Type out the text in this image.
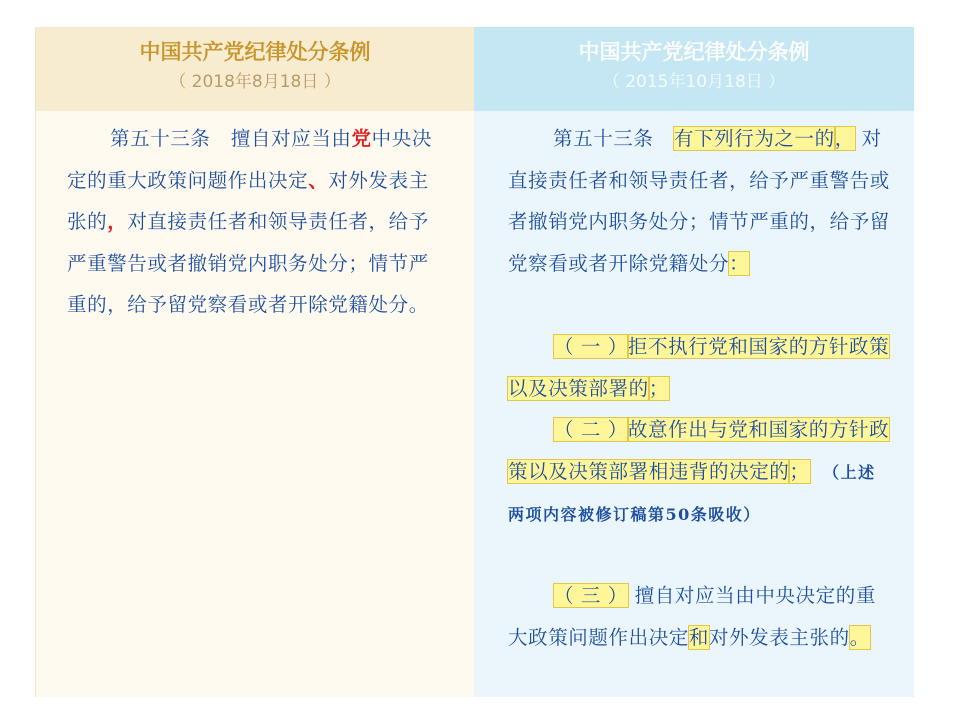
中国共产党纪律处分条例
（ 2018年8月18日 ）

第五十三条 擅自对应当由党中央决定的重大政策问题作出决定、对外发表主张的，对直接责任者和领导责任者，给予严重警告或者撤销党内职务处分；情节严重的，给予留党察看或者开除党籍处分。

中国共产党纪律处分条例
（ 2015年10月18日 ）

第五十三条 有下列行为之一的， 对直接责任者和领导责任者，给予严重警告或者撤销党内职务处分；情节严重的，给予留党察看或者开除党籍处分：

（ 一 ）拒不执行党和国家的方针政策以及决策部署的；

（ 二 ）故意作出与党和国家的方针政策以及决策部署相违背的决定的； （上述两项内容被修订稿第50条吸收）

（ 三 ） 擅自对应当由中央决定的重大政策问题作出决定和对外发表主张的。
